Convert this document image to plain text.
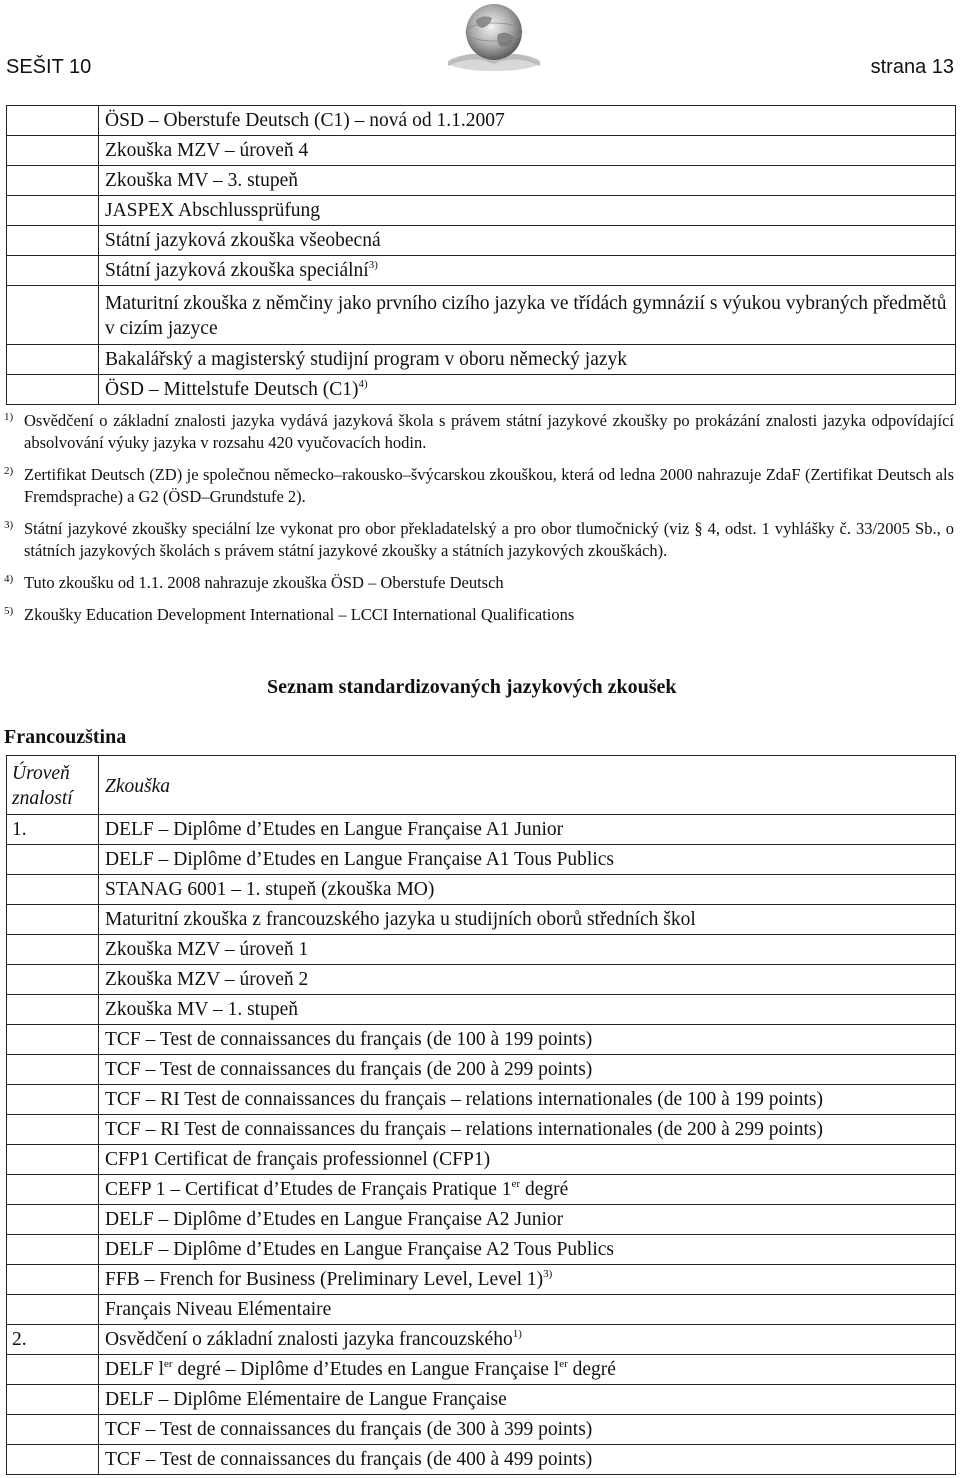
SEŠIT 10	strana 13
	ÖSD – Oberstufe Deutsch (C1) – nová od 1.1.2007
	Zkouška MZV – úroveň 4
	Zkouška MV – 3. stupeň
	JASPEX Abschlussprüfung
	Státní jazyková zkouška všeobecná
	Státní jazyková zkouška speciální$^{3)}$
	Maturitní zkouška z němčiny jako prvního cizího jazyka ve třídách gymnázií s výukou vybraných předmětů v cizím jazyce
	Bakalářský a magisterský studijní program v oboru německý jazyk
	ÖSD – Mittelstufe Deutsch $(C1)^{4)}$
1) Osvědčení o základní znalosti jazyka vydává jazyková škola s právem státní jazykové zkoušky po prokázání znalosti jazyka odpovídající absolvování výuky jazyka v rozsahu 420 vyučovacích hodin.
2) Zertifikat Deutsch (ZD) je společnou německo–rakousko–švýcarskou zkouškou, která od ledna 2000 nahrazuje ZdaF (Zertifikat Deutsch als Fremdsprache) a G2 (ÖSD–Grundstufe 2).
3) Státní jazykové zkoušky speciální lze vykonat pro obor překladatelský a pro obor tlumočnický (viz § 4, odst. 1 vyhlášky č. 33/2005 Sb., o státních jazykových školách s právem státní jazykové zkoušky a státních jazykových zkouškách).
4) Tuto zkoušku od 1.1. 2008 nahrazuje zkouška ÖSD – Oberstufe Deutsch
5) Zkoušky Education Development International – LCCI International Qualifications
Seznam standardizovaných jazykových zkoušek
Francouzština
Úroveň znalostí	Zkouška
1.	DELF – Diplôme d’Etudes en Langue Française A1 Junior
	DELF – Diplôme d’Etudes en Langue Française A1 Tous Publics
	STANAG 6001 – 1. stupeň (zkouška MO)
	Maturitní zkouška z francouzského jazyka u studijních oborů středních škol
	Zkouška MZV – úroveň 1
	Zkouška MZV – úroveň 2
	Zkouška MV – 1. stupeň
	TCF – Test de connaissances du français (de 100 à 199 points)
	TCF – Test de connaissances du français (de 200 à 299 points)
	TCF – RI Test de connaissances du français – relations internationales (de 100 à 199 points)
	TCF – RI Test de connaissances du français – relations internationales (de 200 à 299 points)
	CFP1 Certificat de français professionnel (CFP1)
	CEFP 1 – Certificat d’Etudes de Français Pratique 1er degré
	DELF – Diplôme d’Etudes en Langue Française A2 Junior
	DELF – Diplôme d’Etudes en Langue Française A2 Tous Publics
	FFB – French for Business (Preliminary Level, Level 1)$^{3)}$
	Français Niveau Elémentaire
2.	Osvědčení o základní znalosti jazyka francouzského$^{1)}$
	DELF $l^{er}$ degré – Diplôme d’Etudes en Langue Française $l^{er}$ degré
	DELF – Diplôme Elémentaire de Langue Française
	TCF – Test de connaissances du français (de 300 à 399 points)
	TCF – Test de connaissances du français (de 400 à 499 points)
